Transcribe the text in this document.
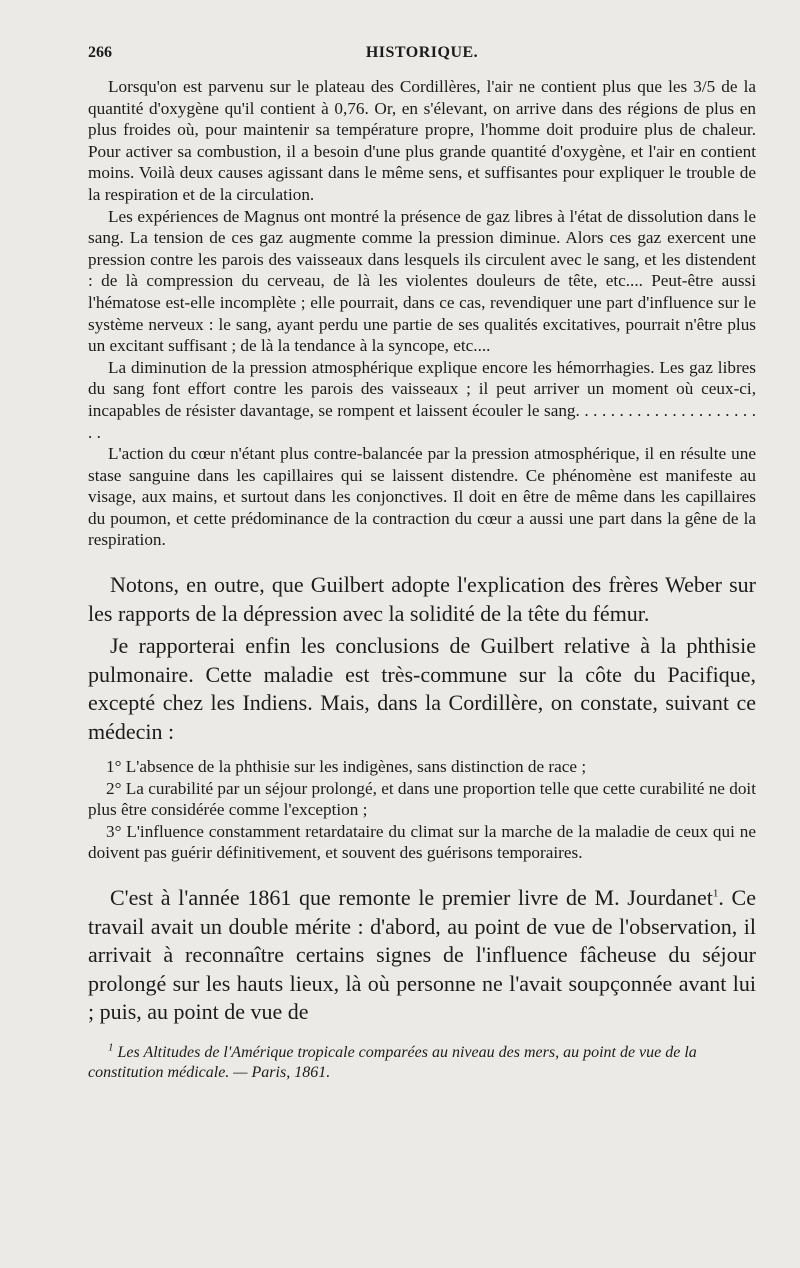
266	HISTORIQUE.

Lorsqu'on est parvenu sur le plateau des Cordillères, l'air ne contient plus que les 3/5 de la quantité d'oxygène qu'il contient à 0,76. Or, en s'élevant, on arrive dans des régions de plus en plus froides où, pour maintenir sa température propre, l'homme doit produire plus de chaleur. Pour activer sa combustion, il a besoin d'une plus grande quantité d'oxygène, et l'air en contient moins. Voilà deux causes agissant dans le même sens, et suffisantes pour expliquer le trouble de la respiration et de la circulation.

Les expériences de Magnus ont montré la présence de gaz libres à l'état de dissolution dans le sang. La tension de ces gaz augmente comme la pression diminue. Alors ces gaz exercent une pression contre les parois des vaisseaux dans lesquels ils circulent avec le sang, et les distendent : de là compression du cerveau, de là les violentes douleurs de tête, etc.... Peut-être aussi l'hématose est-elle incomplète ; elle pourrait, dans ce cas, revendiquer une part d'influence sur le système nerveux : le sang, ayant perdu une partie de ses qualités excitatives, pourrait n'être plus un excitant suffisant ; de là la tendance à la syncope, etc....

La diminution de la pression atmosphérique explique encore les hémorrhagies. Les gaz libres du sang font effort contre les parois des vaisseaux ; il peut arriver un moment où ceux-ci, incapables de résister davantage, se rompent et laissent écouler le sang. . . . . . . . . . . . . . . . . . . . . . .

L'action du cœur n'étant plus contre-balancée par la pression atmosphérique, il en résulte une stase sanguine dans les capillaires qui se laissent distendre. Ce phénomène est manifeste au visage, aux mains, et surtout dans les conjonctives. Il doit en être de même dans les capillaires du poumon, et cette prédominance de la contraction du cœur a aussi une part dans la gêne de la respiration.

Notons, en outre, que Guilbert adopte l'explication des frères Weber sur les rapports de la dépression avec la solidité de la tête du fémur.

Je rapporterai enfin les conclusions de Guilbert relative à la phthisie pulmonaire. Cette maladie est très-commune sur la côte du Pacifique, excepté chez les Indiens. Mais, dans la Cordillère, on constate, suivant ce médecin :

1° L'absence de la phthisie sur les indigènes, sans distinction de race ;
2° La curabilité par un séjour prolongé, et dans une proportion telle que cette curabilité ne doit plus être considérée comme l'exception ;
3° L'influence constamment retardataire du climat sur la marche de la maladie de ceux qui ne doivent pas guérir définitivement, et souvent des guérisons temporaires.

C'est à l'année 1861 que remonte le premier livre de M. Jourdanet$^1$. Ce travail avait un double mérite : d'abord, au point de vue de l'observation, il arrivait à reconnaître certains signes de l'influence fâcheuse du séjour prolongé sur les hauts lieux, là où personne ne l'avait soupçonnée avant lui ; puis, au point de vue de

$^1$ Les Altitudes de l'Amérique tropicale comparées au niveau des mers, au point de vue de la constitution médicale. — Paris, 1861.
